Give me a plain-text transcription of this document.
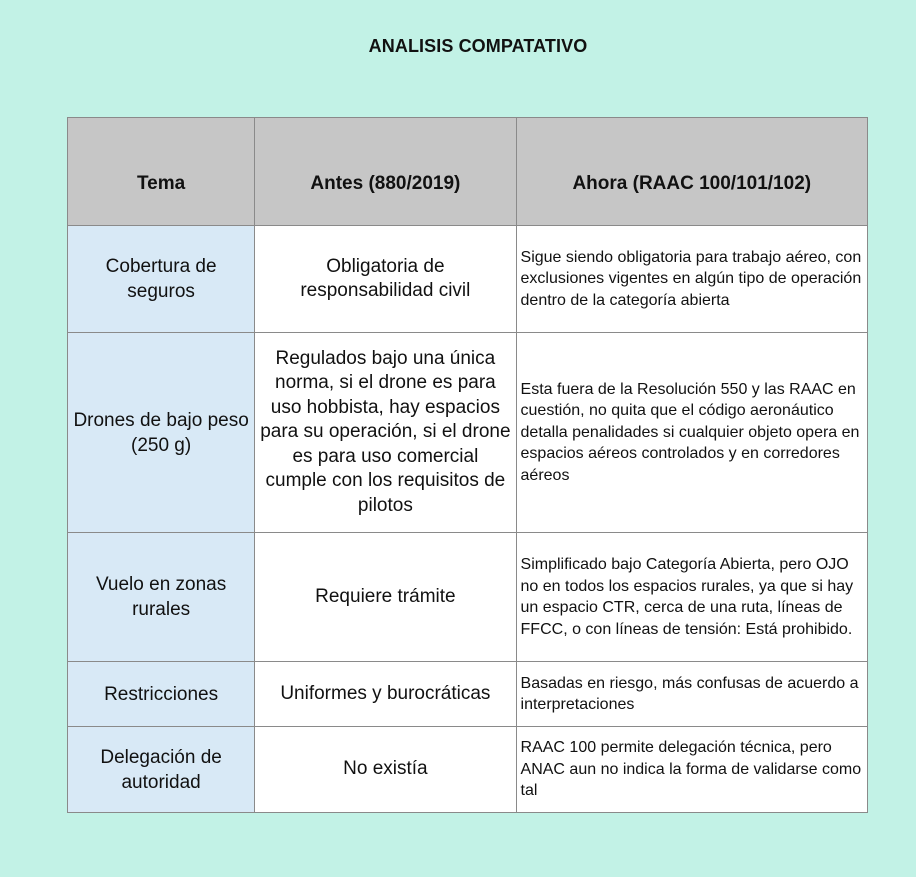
ANALISIS COMPATATIVO
Tema	Antes (880/2019)	Ahora (RAAC 100/101/102)
Cobertura de seguros	Obligatoria de responsabilidad civil	Sigue siendo obligatoria para trabajo aéreo, con exclusiones vigentes en algún tipo de operación dentro de la categoría abierta
Drones de bajo peso (250 g)	Regulados bajo una única norma, si el drone es para uso hobbista, hay espacios para su operación, si el drone es para uso comercial cumple con los requisitos de pilotos	Esta fuera de la Resolución 550 y las RAAC en cuestión, no quita que el código aeronáutico detalla penalidades si cualquier objeto opera en espacios aéreos controlados y en corredores aéreos
Vuelo en zonas rurales	Requiere trámite	Simplificado bajo Categoría Abierta, pero OJO no en todos los espacios rurales, ya que si hay un espacio CTR, cerca de una ruta, líneas de FFCC, o con líneas de tensión: Está prohibido.
Restricciones	Uniformes y burocráticas	Basadas en riesgo, más confusas de acuerdo a interpretaciones
Delegación de autoridad	No existía	RAAC 100 permite delegación técnica, pero ANAC aun no indica la forma de validarse como tal
